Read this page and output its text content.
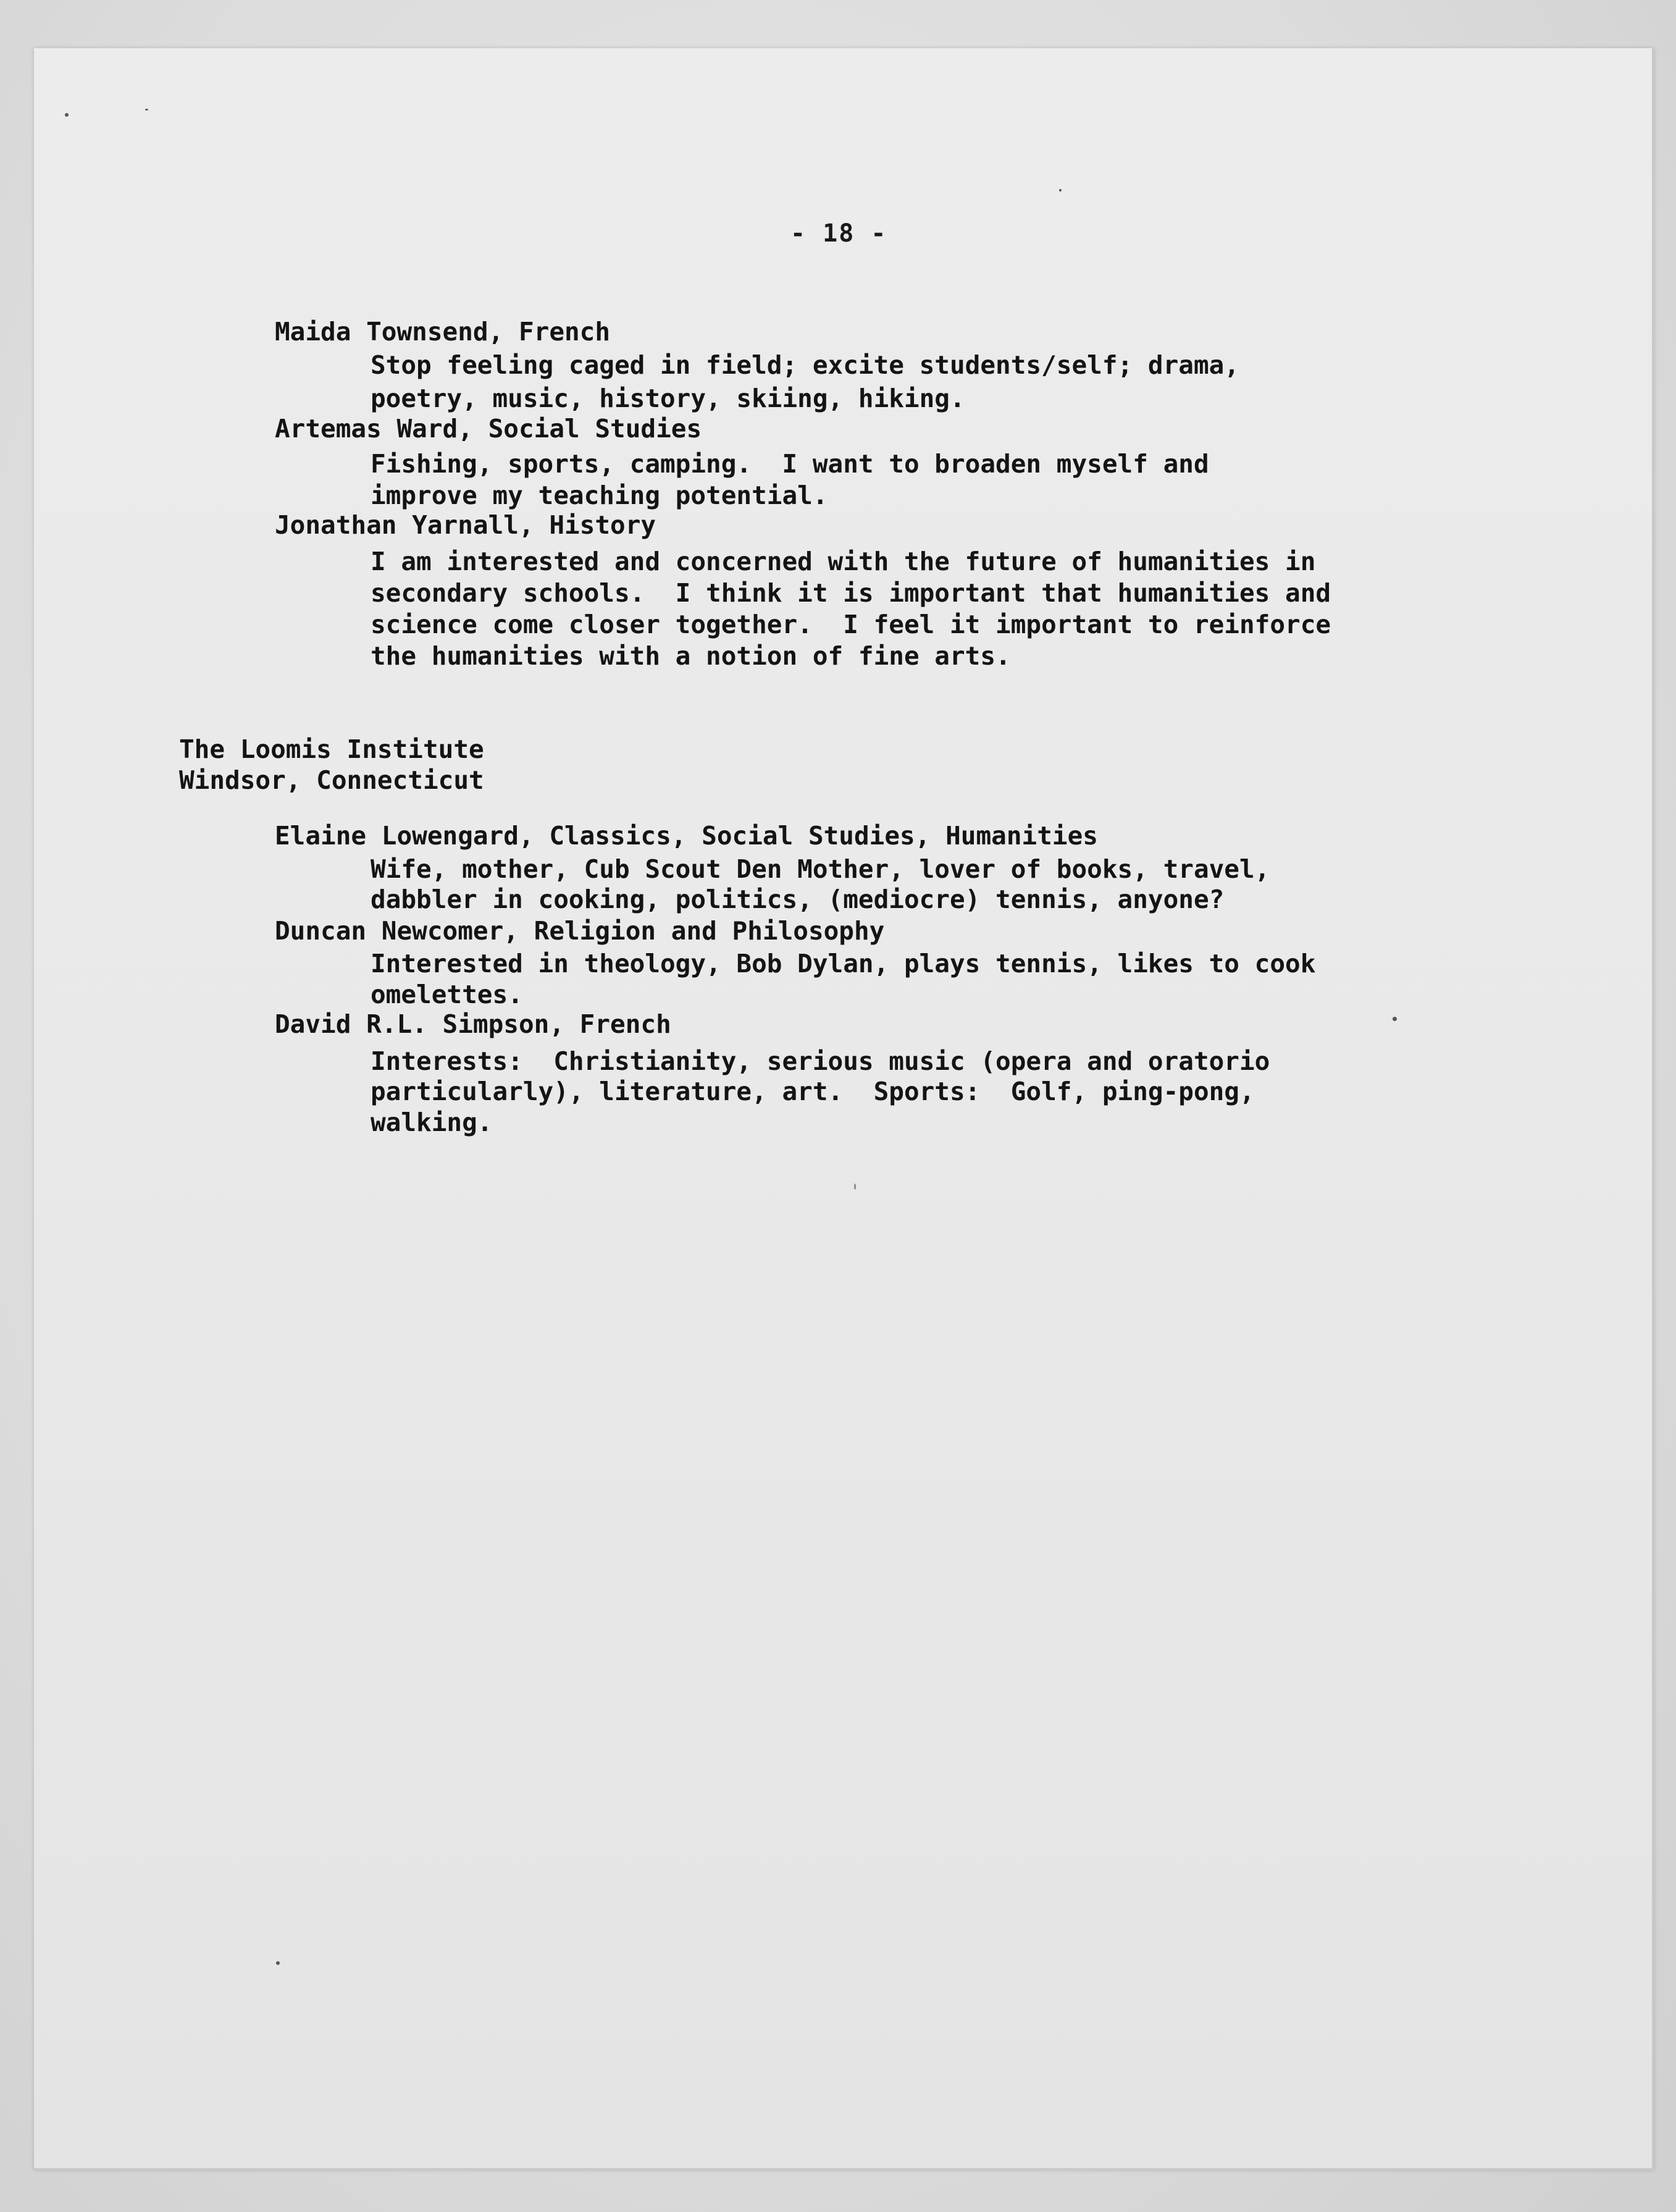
- 18 -
Maida Townsend, French
Stop feeling caged in field; excite students/self; drama,
poetry, music, history, skiing, hiking.
Artemas Ward, Social Studies
Fishing, sports, camping.  I want to broaden myself and
improve my teaching potential.
Jonathan Yarnall, History
I am interested and concerned with the future of humanities in
secondary schools.  I think it is important that humanities and
science come closer together.  I feel it important to reinforce
the humanities with a notion of fine arts.
The Loomis Institute
Windsor, Connecticut
Elaine Lowengard, Classics, Social Studies, Humanities
Wife, mother, Cub Scout Den Mother, lover of books, travel,
dabbler in cooking, politics, (mediocre) tennis, anyone?
Duncan Newcomer, Religion and Philosophy
Interested in theology, Bob Dylan, plays tennis, likes to cook
omelettes.
David R.L. Simpson, French
Interests:  Christianity, serious music (opera and oratorio
particularly), literature, art.  Sports:  Golf, ping-pong,
walking.
